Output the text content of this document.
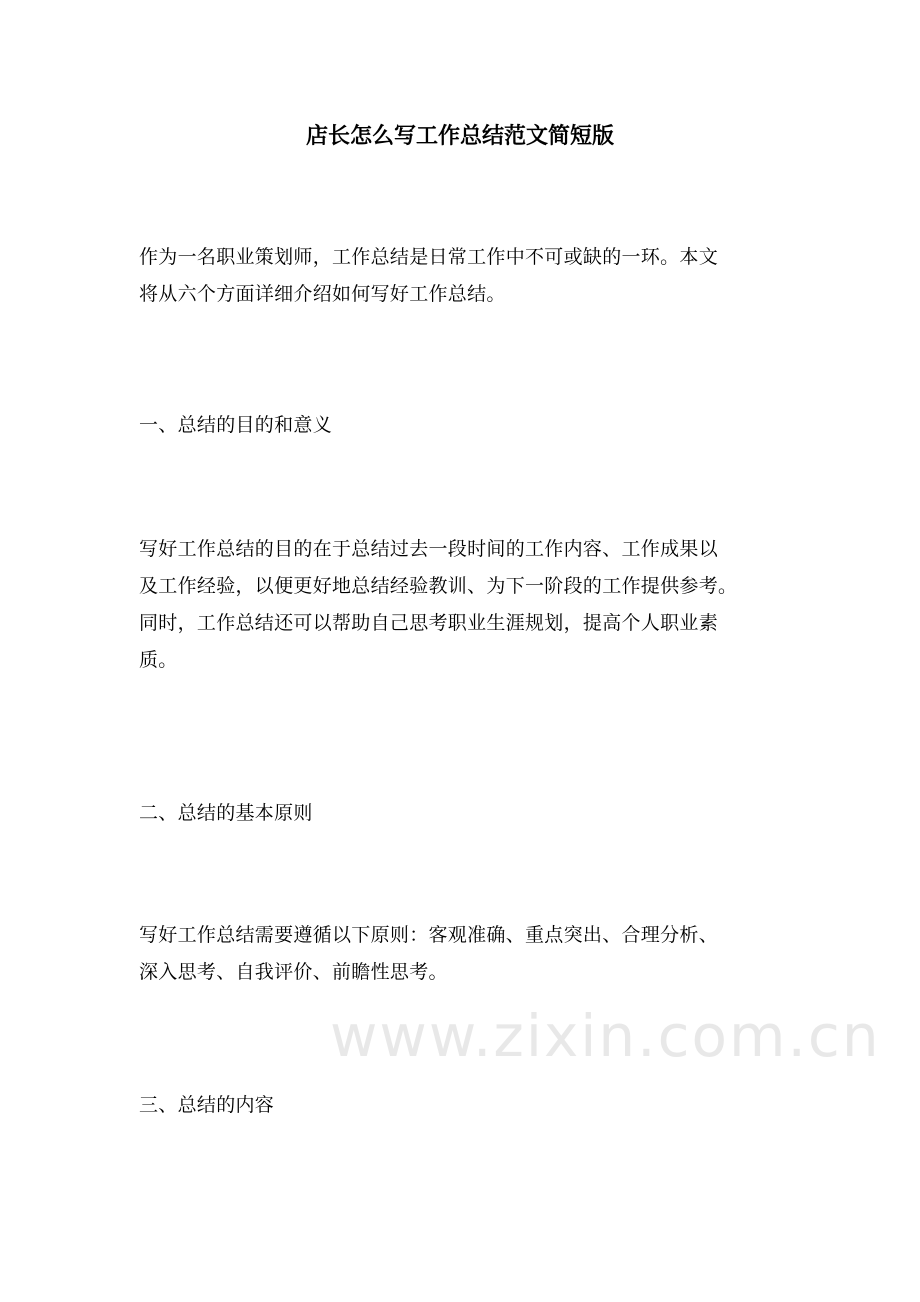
www.zixin.com.cn
店长怎么写工作总结范文简短版
作为一名职业策划师，工作总结是日常工作中不可或缺的一环。本文
将从六个方面详细介绍如何写好工作总结。
一、总结的目的和意义
写好工作总结的目的在于总结过去一段时间的工作内容、工作成果以
及工作经验，以便更好地总结经验教训、为下一阶段的工作提供参考。
同时，工作总结还可以帮助自己思考职业生涯规划，提高个人职业素
质。
二、总结的基本原则
写好工作总结需要遵循以下原则：客观准确、重点突出、合理分析、
深入思考、自我评价、前瞻性思考。
三、总结的内容
